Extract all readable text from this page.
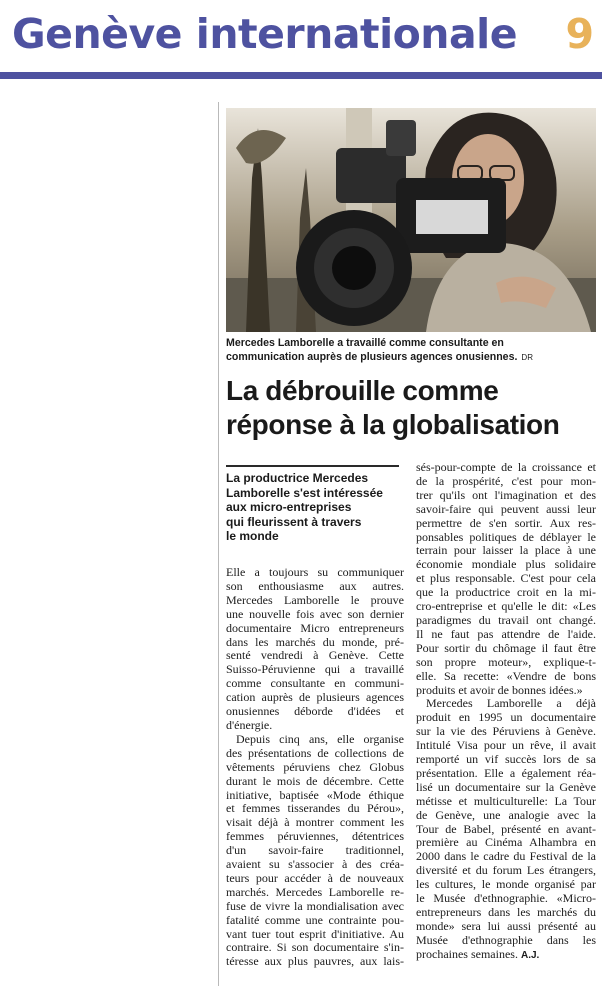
Genève internationale 9
Mercedes Lamborelle a travaillé comme consultante en
communication auprès de plusieurs agences onusiennes. DR
La débrouille comme
réponse à la globalisation
La productrice Mercedes
Lamborelle s'est intéressée
aux micro-entreprises
qui fleurissent à travers
le monde
Elle a toujours su communiquer
son enthousiasme aux autres.
Mercedes Lamborelle le prouve
une nouvelle fois avec son dernier
documentaire Micro entrepreneurs
dans les marchés du monde, pré-
senté vendredi à Genève. Cette
Suisso-Péruvienne qui a travaillé
comme consultante en communi-
cation auprès de plusieurs agences
onusiennes déborde d'idées et
d'énergie.
Depuis cinq ans, elle organise
des présentations de collections de
vêtements péruviens chez Globus
durant le mois de décembre. Cette
initiative, baptisée «Mode éthique
et femmes tisserandes du Pérou»,
visait déjà à montrer comment les
femmes péruviennes, détentrices
d'un savoir-faire traditionnel,
avaient su s'associer à des créa-
teurs pour accéder à de nouveaux
marchés. Mercedes Lamborelle re-
fuse de vivre la mondialisation avec
fatalité comme une contrainte pou-
vant tuer tout esprit d'initiative. Au
contraire. Si son documentaire s'in-
téresse aux plus pauvres, aux lais-
sés-pour-compte de la croissance et
de la prospérité, c'est pour mon-
trer qu'ils ont l'imagination et des
savoir-faire qui peuvent aussi leur
permettre de s'en sortir. Aux res-
ponsables politiques de déblayer le
terrain pour laisser la place à une
économie mondiale plus solidaire
et plus responsable. C'est pour cela
que la productrice croit en la mi-
cro-entreprise et qu'elle le dit: «Les
paradigmes du travail ont changé.
Il ne faut pas attendre de l'aide.
Pour sortir du chômage il faut être
son propre moteur», explique-t-
elle. Sa recette: «Vendre de bons
produits et avoir de bonnes idées.»
Mercedes Lamborelle a déjà
produit en 1995 un documentaire
sur la vie des Péruviens à Genève.
Intitulé Visa pour un rêve, il avait
remporté un vif succès lors de sa
présentation. Elle a également réa-
lisé un documentaire sur la Genève
métisse et multiculturelle: La Tour
de Genève, une analogie avec la
Tour de Babel, présenté en avant-
première au Cinéma Alhambra en
2000 dans le cadre du Festival de la
diversité et du forum Les étrangers,
les cultures, le monde organisé par
le Musée d'ethnographie. «Micro-
entrepreneurs dans les marchés du
monde» sera lui aussi présenté au
Musée d'ethnographie dans les
prochaines semaines. A.J.
